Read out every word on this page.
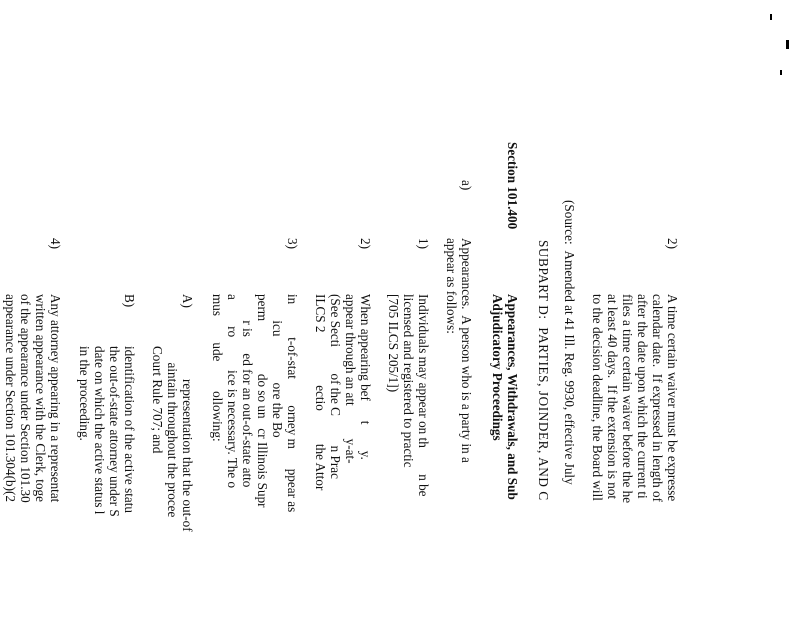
2)
A time certain waiver must be expresse
calendar date.  If expressed in length of
after the date upon which the current ti
files a time certain waiver before the he
at least 40 days.  If the extension is not
to the decision deadline, the Board will
(Source:  Amended at 41 Ill. Reg. 9930, effective July
SUBPART D:  PARTIES, JOINDER, AND C
Section 101.400
Appearances, Withdrawals, and Sub
Adjudicatory Proceedings
a)
Appearances.  A person who is a party in a
appear as follows:
1)
Individuals may appear on th        n be
licensed and registered to practic
[705 ILCS 205/1])
2)
When appearing bef      t        y.
appear through an att          y-at-
(See Secti        of the C         n Prac
ILCS 2                ectio          the Attor
3)
in          t-of-stat        orney m      ppear as
icu              ore the Bo
perm                do so un   cr Illinois Supr
r is     ed for an out-of-state atto
a        ro          ice is necessary. The o
mus        ude         ollowing:
A)
representation that the out-of
aintain throughout the procee
Court Rule 707; and
B)
identification of the active statu
the out-of-state attorney under S
date on which the active status l
in the proceeding.
4)
Any attorney appearing in a representat
written appearance with the Clerk, toge
of the appearance under Section 101.30
appearance under Section 101.304(b)(2
